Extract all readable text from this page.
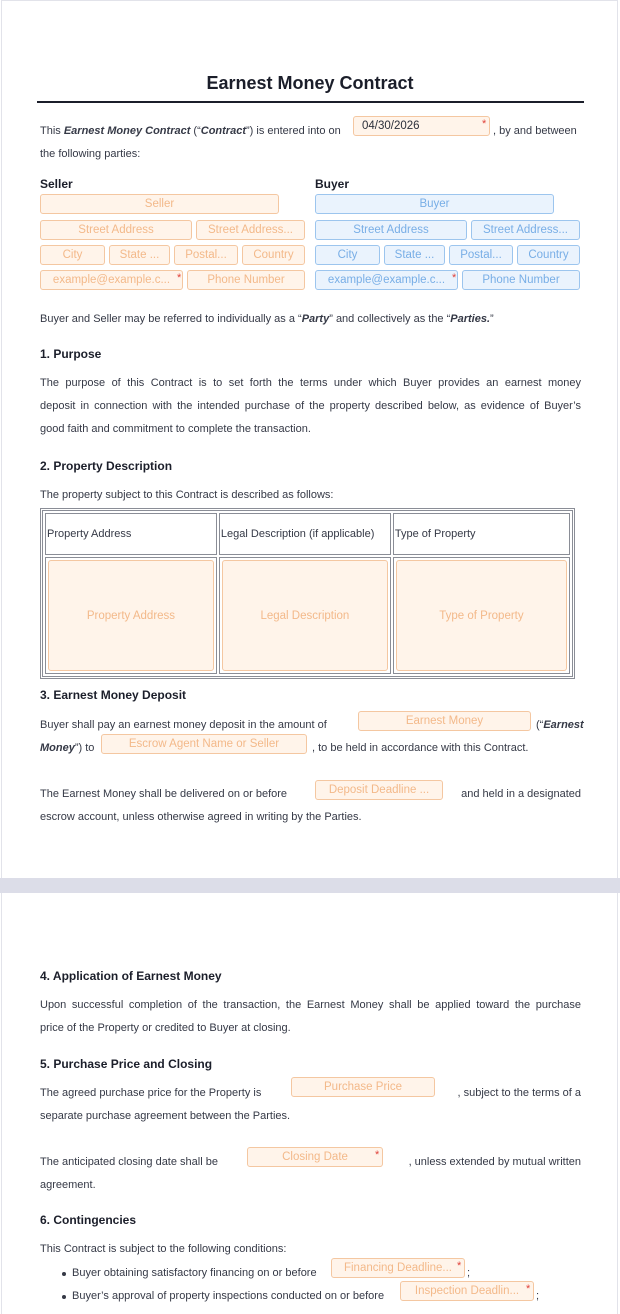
Earnest Money Contract
This Earnest Money Contract (“Contract”) is entered into on	04/30/2026	*
, by and between
the following parties:
Seller
Seller
Street Address	Street Address...
City	State ...	Postal...	Country
example@example.c... *	Phone Number
Buyer
Buyer
Street Address	Street Address...
City	State ...	Postal...	Country
example@example.c... *	Phone Number
Buyer and Seller may be referred to individually as a “Party” and collectively as the “Parties.”
1. Purpose
The purpose of this Contract is to set forth the terms under which Buyer provides an earnest money
deposit in connection with the intended purchase of the property described below, as evidence of Buyer’s
good faith and commitment to complete the transaction.
2. Property Description
The property subject to this Contract is described as follows:
Property Address	Legal Description (if applicable)	Type of Property

Property Address	Legal Description	Type of Property
3. Earnest Money Deposit
Buyer shall pay an earnest money deposit in the amount of	Earnest Money	(“Earnest
Money”) to	Escrow Agent Name or Seller	, to be held in accordance with this Contract.
The Earnest Money shall be delivered on or before	Deposit Deadline ...	and held in a designated
escrow account, unless otherwise agreed in writing by the Parties.
4. Application of Earnest Money
Upon successful completion of the transaction, the Earnest Money shall be applied toward the purchase
price of the Property or credited to Buyer at closing.
5. Purchase Price and Closing
The agreed purchase price for the Property is	Purchase Price	, subject to the terms of a
separate purchase agreement between the Parties.
The anticipated closing date shall be	Closing Date	*
, unless extended by mutual written
agreement.
6. Contingencies
This Contract is subject to the following conditions:
Buyer obtaining satisfactory financing on or before	Financing Deadline... *
;
Buyer’s approval of property inspections conducted on or before	Inspection Deadlin... *
;
